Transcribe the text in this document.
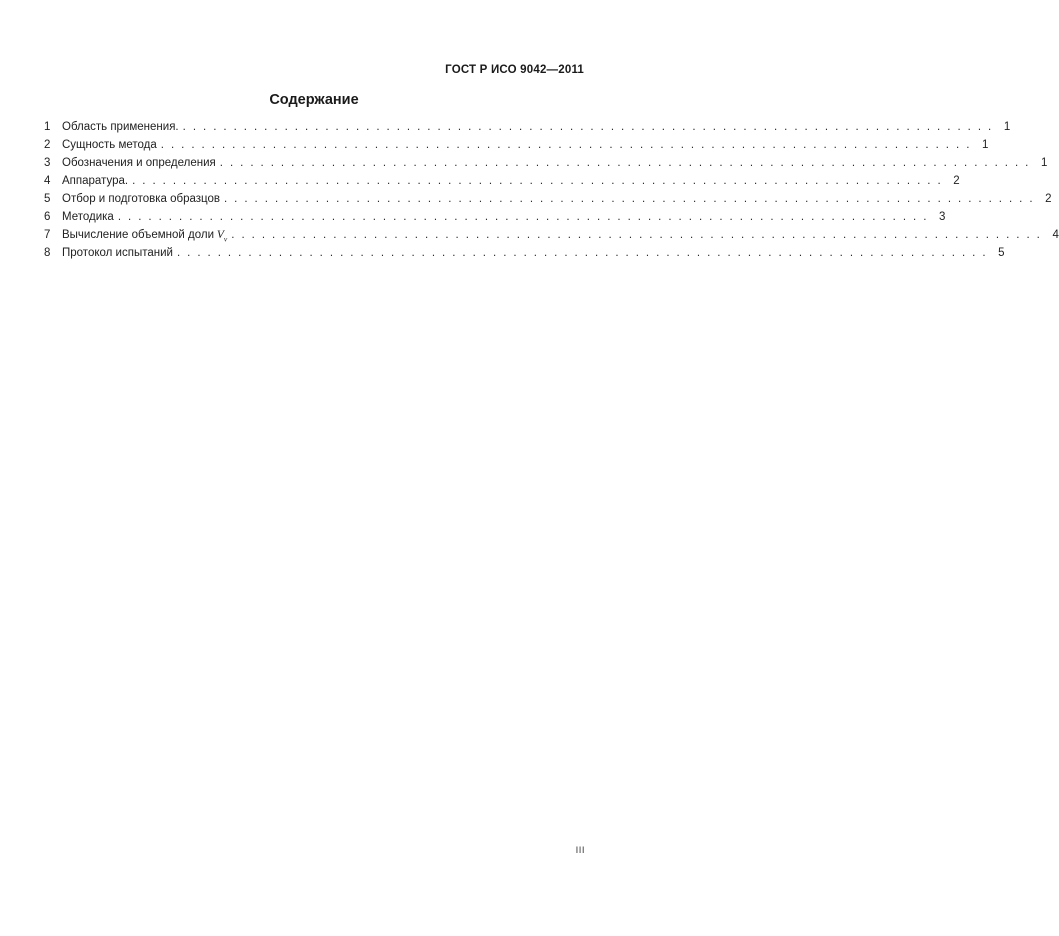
ГОСТ Р ИСО 9042—2011
Содержание
1	Область применения. ................................................................................ 1
2	Сущность метода ................................................................................ 1
3	Обозначения и определения ................................................................................ 1
4	Аппаратура. ................................................................................ 2
5	Отбор и подготовка образцов ................................................................................ 2
6	Методика ................................................................................ 3
7	Вычисление объемной доли $V_v$ ................................................................................ 4
8	Протокол испытаний ................................................................................ 5
III
